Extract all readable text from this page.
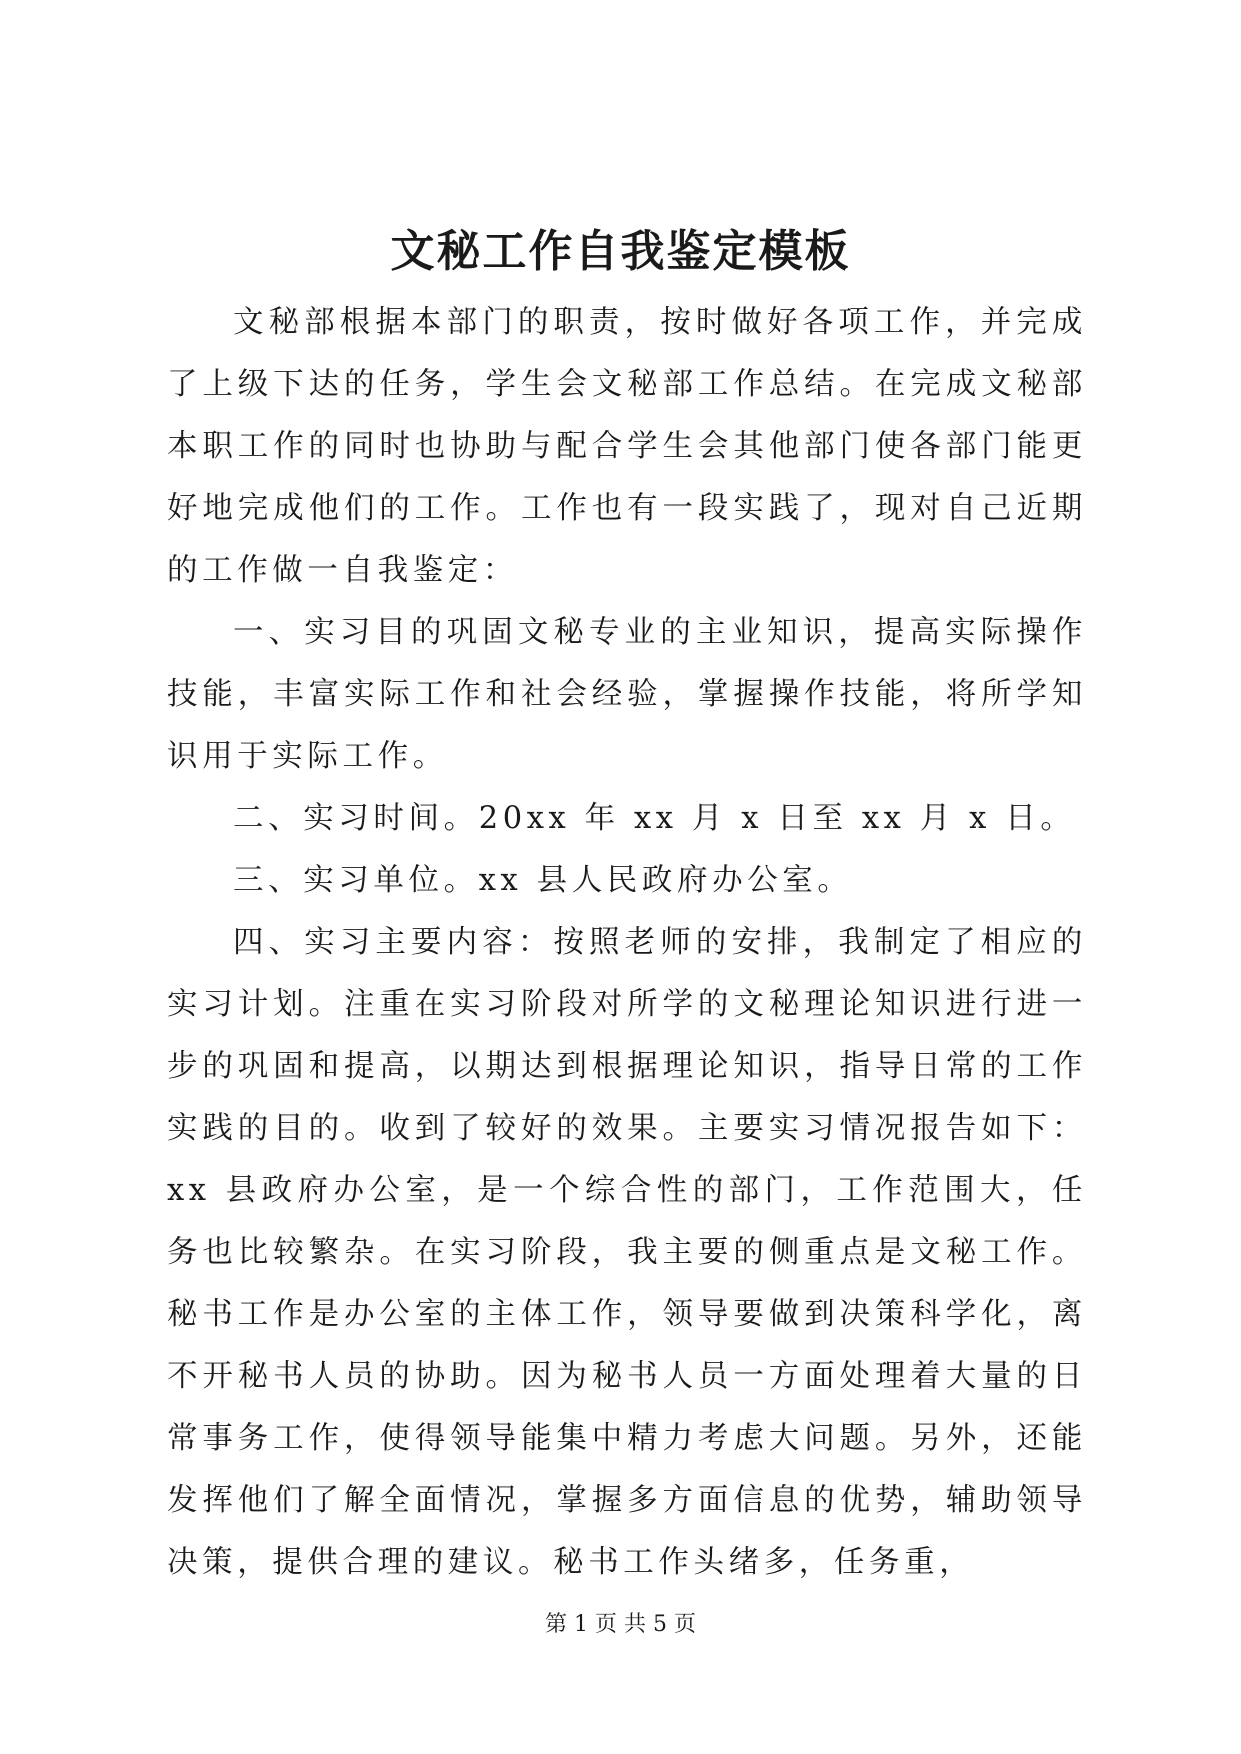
文秘工作自我鉴定模板

文秘部根据本部门的职责，按时做好各项工作，并完成了上级下达的任务，学生会文秘部工作总结。在完成文秘部本职工作的同时也协助与配合学生会其他部门使各部门能更好地完成他们的工作。工作也有一段实践了，现对自己近期的工作做一自我鉴定：

一、实习目的巩固文秘专业的主业知识，提高实际操作技能，丰富实际工作和社会经验，掌握操作技能，将所学知识用于实际工作。

二、实习时间。20xx 年 xx 月 x 日至 xx 月 x 日。

三、实习单位。xx 县人民政府办公室。

四、实习主要内容：按照老师的安排，我制定了相应的实习计划。注重在实习阶段对所学的文秘理论知识进行进一步的巩固和提高，以期达到根据理论知识，指导日常的工作实践的目的。收到了较好的效果。主要实习情况报告如下：xx 县政府办公室，是一个综合性的部门，工作范围大，任务也比较繁杂。在实习阶段，我主要的侧重点是文秘工作。秘书工作是办公室的主体工作，领导要做到决策科学化，离不开秘书人员的协助。因为秘书人员一方面处理着大量的日常事务工作，使得领导能集中精力考虑大问题。另外，还能发挥他们了解全面情况，掌握多方面信息的优势，辅助领导决策，提供合理的建议。秘书工作头绪多，任务重，

第 1 页 共 5 页
